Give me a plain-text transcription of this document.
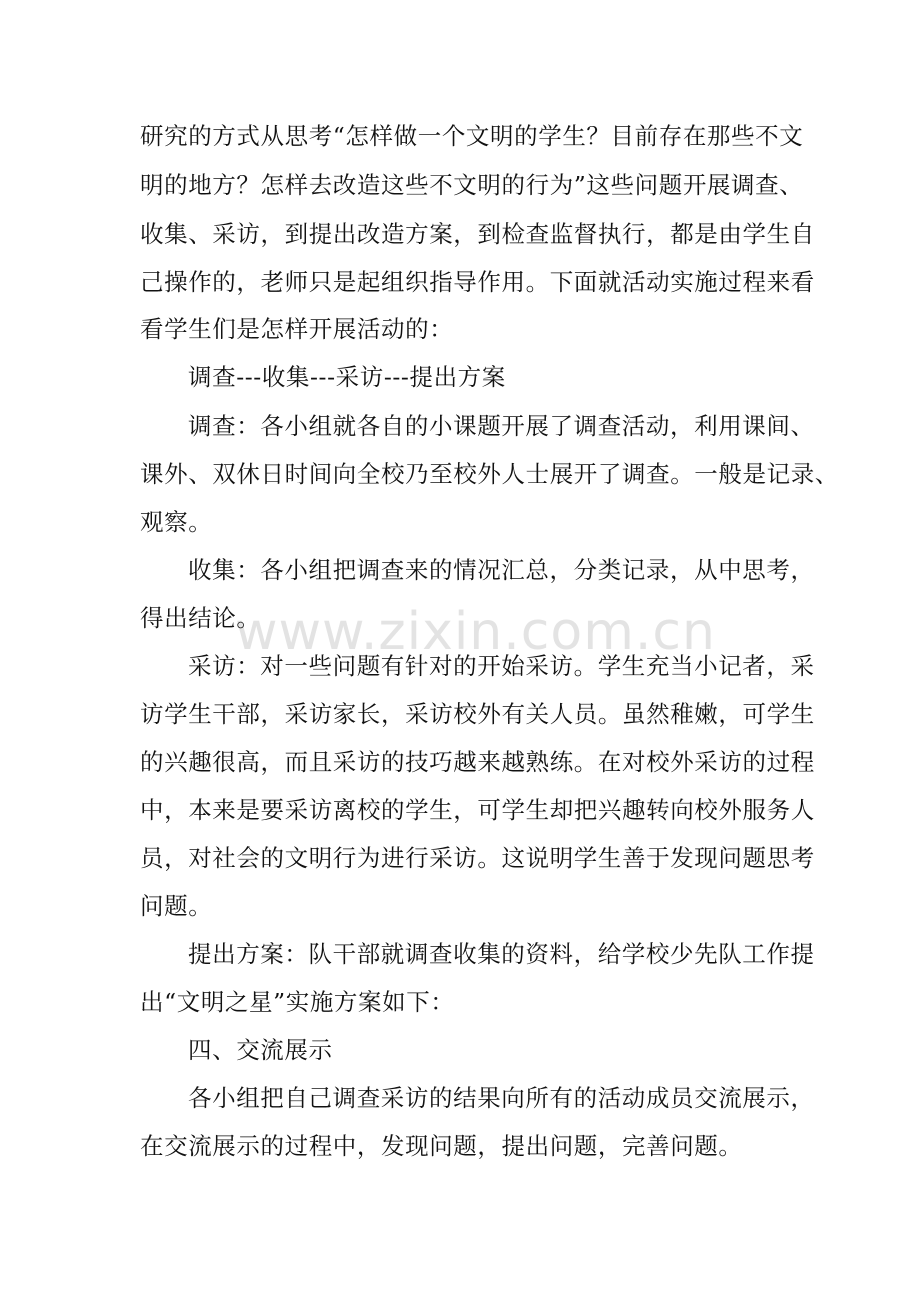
www.zixin.com.cn
研究的方式从思考“怎样做一个文明的学生？目前存在那些不文
明的地方？怎样去改造这些不文明的行为”这些问题开展调查、
收集、采访，到提出改造方案，到检查监督执行，都是由学生自
己操作的，老师只是起组织指导作用。下面就活动实施过程来看
看学生们是怎样开展活动的：
调查---收集---采访---提出方案
调查：各小组就各自的小课题开展了调查活动，利用课间、
课外、双休日时间向全校乃至校外人士展开了调查。一般是记录、
观察。
收集：各小组把调查来的情况汇总，分类记录，从中思考，
得出结论。
采访：对一些问题有针对的开始采访。学生充当小记者，采
访学生干部，采访家长，采访校外有关人员。虽然稚嫩，可学生
的兴趣很高，而且采访的技巧越来越熟练。在对校外采访的过程
中，本来是要采访离校的学生，可学生却把兴趣转向校外服务人
员，对社会的文明行为进行采访。这说明学生善于发现问题思考
问题。
提出方案：队干部就调查收集的资料，给学校少先队工作提
出“文明之星”实施方案如下：
四、交流展示
各小组把自己调查采访的结果向所有的活动成员交流展示，
在交流展示的过程中，发现问题，提出问题，完善问题。
